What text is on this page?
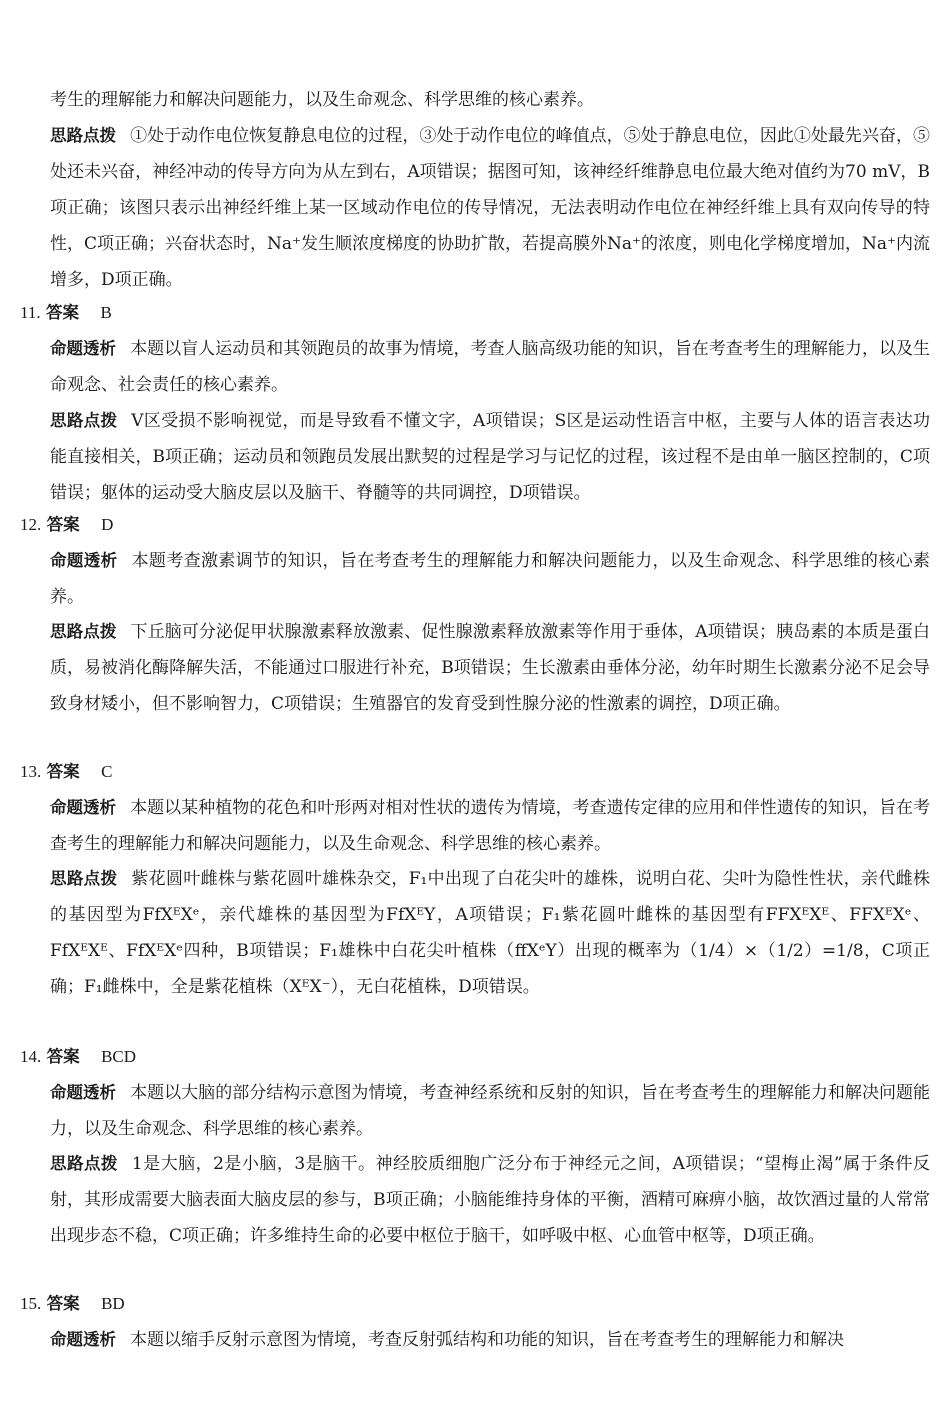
考生的理解能力和解决问题能力，以及生命观念、科学思维的核心素养。

思路点拨 ①处于动作电位恢复静息电位的过程，③处于动作电位的峰值点，⑤处于静息电位，因此①处最先兴奋，⑤处还未兴奋，神经冲动的传导方向为从左到右，A项错误；据图可知，该神经纤维静息电位最大绝对值约为70 mV，B项正确；该图只表示出神经纤维上某一区域动作电位的传导情况，无法表明动作电位在神经纤维上具有双向传导的特性，C项正确；兴奋状态时，Na⁺发生顺浓度梯度的协助扩散，若提高膜外Na⁺的浓度，则电化学梯度增加，Na⁺内流增多，D项正确。

11. 答案 B

命题透析 本题以盲人运动员和其领跑员的故事为情境，考查人脑高级功能的知识，旨在考查考生的理解能力，以及生命观念、社会责任的核心素养。

思路点拨 V区受损不影响视觉，而是导致看不懂文字，A项错误；S区是运动性语言中枢，主要与人体的语言表达功能直接相关，B项正确；运动员和领跑员发展出默契的过程是学习与记忆的过程，该过程不是由单一脑区控制的，C项错误；躯体的运动受大脑皮层以及脑干、脊髓等的共同调控，D项错误。

12. 答案 D

命题透析 本题考查激素调节的知识，旨在考查考生的理解能力和解决问题能力，以及生命观念、科学思维的核心素养。

思路点拨 下丘脑可分泌促甲状腺激素释放激素、促性腺激素释放激素等作用于垂体，A项错误；胰岛素的本质是蛋白质，易被消化酶降解失活，不能通过口服进行补充，B项错误；生长激素由垂体分泌，幼年时期生长激素分泌不足会导致身材矮小，但不影响智力，C项错误；生殖器官的发育受到性腺分泌的性激素的调控，D项正确。

13. 答案 C

命题透析 本题以某种植物的花色和叶形两对相对性状的遗传为情境，考查遗传定律的应用和伴性遗传的知识，旨在考查考生的理解能力和解决问题能力，以及生命观念、科学思维的核心素养。

思路点拨 紫花圆叶雌株与紫花圆叶雄株杂交，F₁中出现了白花尖叶的雄株，说明白花、尖叶为隐性性状，亲代雌株的基因型为FfXᴱXᵉ，亲代雄株的基因型为FfXᴱY，A项错误；F₁紫花圆叶雌株的基因型有FFXᴱXᴱ、FFXᴱXᵉ、FfXᴱXᴱ、FfXᴱXᵉ四种，B项错误；F₁雄株中白花尖叶植株（ffXᵉY）出现的概率为（1/4）×（1/2）=1/8，C项正确；F₁雌株中，全是紫花植株（XᴱX⁻），无白花植株，D项错误。

14. 答案 BCD

命题透析 本题以大脑的部分结构示意图为情境，考查神经系统和反射的知识，旨在考查考生的理解能力和解决问题能力，以及生命观念、科学思维的核心素养。

思路点拨 1是大脑，2是小脑，3是脑干。神经胶质细胞广泛分布于神经元之间，A项错误；“望梅止渴”属于条件反射，其形成需要大脑表面大脑皮层的参与，B项正确；小脑能维持身体的平衡，酒精可麻痹小脑，故饮酒过量的人常常出现步态不稳，C项正确；许多维持生命的必要中枢位于脑干，如呼吸中枢、心血管中枢等，D项正确。

15. 答案 BD

命题透析 本题以缩手反射示意图为情境，考查反射弧结构和功能的知识，旨在考查考生的理解能力和解决
